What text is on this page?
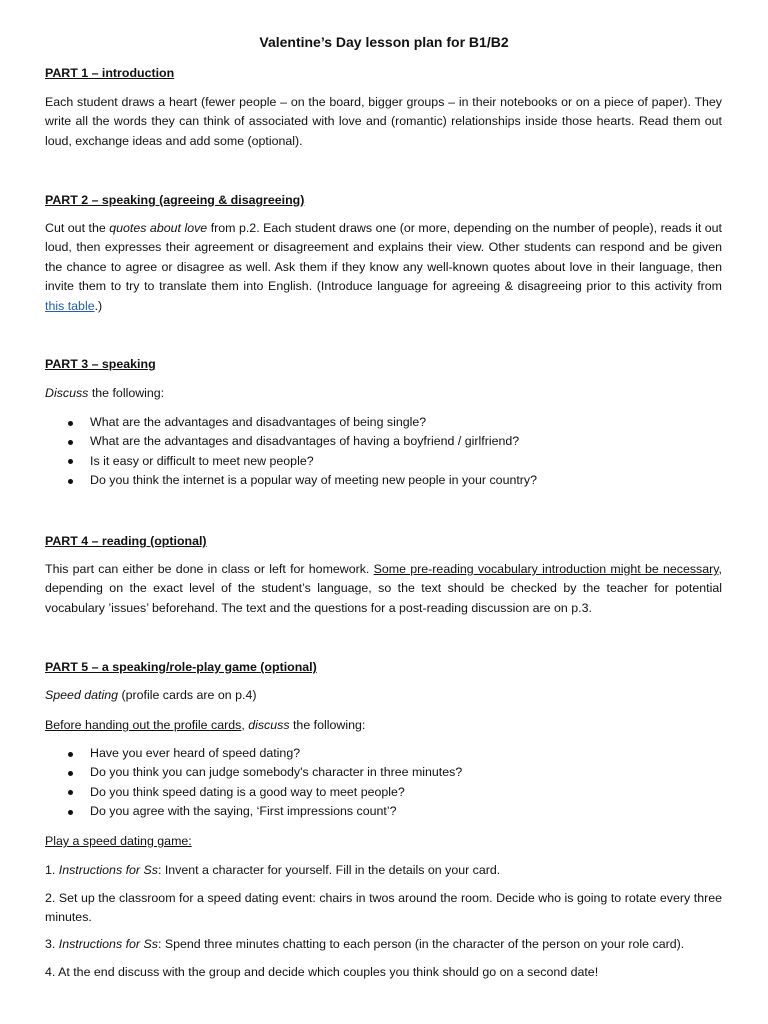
Valentine’s Day lesson plan for B1/B2
PART 1 – introduction

Each student draws a heart (fewer people – on the board, bigger groups – in their notebooks or on a piece of paper). They write all the words they can think of associated with love and (romantic) relationships inside those hearts. Read them out loud, exchange ideas and add some (optional).

PART 2 – speaking (agreeing & disagreeing)

Cut out the quotes about love from p.2. Each student draws one (or more, depending on the number of people), reads it out loud, then expresses their agreement or disagreement and explains their view. Other students can respond and be given the chance to agree or disagree as well. Ask them if they know any well-known quotes about love in their language, then invite them to try to translate them into English. (Introduce language for agreeing & disagreeing prior to this activity from this table.)

PART 3 – speaking

Discuss the following:

What are the advantages and disadvantages of being single?
What are the advantages and disadvantages of having a boyfriend / girlfriend?
Is it easy or difficult to meet new people?
Do you think the internet is a popular way of meeting new people in your country?
PART 4 – reading (optional)

This part can either be done in class or left for homework. Some pre-reading vocabulary introduction might be necessary, depending on the exact level of the student’s language, so the text should be checked by the teacher for potential vocabulary ’issues’ beforehand. The text and the questions for a post-reading discussion are on p.3.

PART 5 – a speaking/role-play game (optional)

Speed dating (profile cards are on p.4)

Before handing out the profile cards, discuss the following:

Have you ever heard of speed dating?
Do you think you can judge somebody's character in three minutes?
Do you think speed dating is a good way to meet people?
Do you agree with the saying, ‘First impressions count’?

Play a speed dating game:

1. Instructions for Ss: Invent a character for yourself. Fill in the details on your card.

2. Set up the classroom for a speed dating event: chairs in twos around the room. Decide who is going to rotate every three minutes.

3. Instructions for Ss: Spend three minutes chatting to each person (in the character of the person on your role card).

4. At the end discuss with the group and decide which couples you think should go on a second date!
